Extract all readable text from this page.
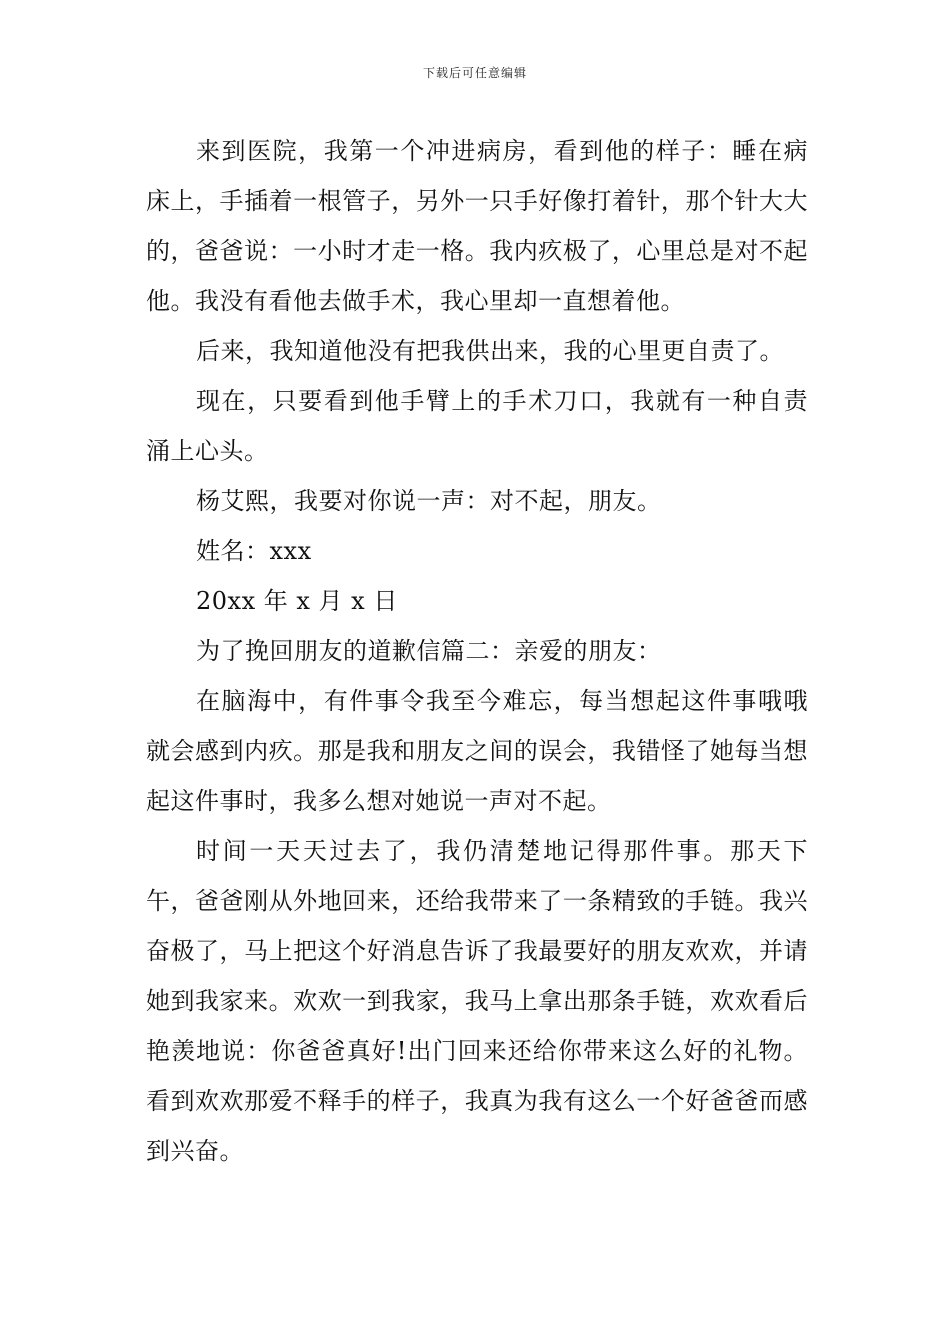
下载后可任意编辑

来到医院，我第一个冲进病房，看到他的样子：睡在病床上，手插着一根管子，另外一只手好像打着针，那个针大大的，爸爸说：一小时才走一格。我内疚极了，心里总是对不起他。我没有看他去做手术，我心里却一直想着他。

后来，我知道他没有把我供出来，我的心里更自责了。

现在，只要看到他手臂上的手术刀口，我就有一种自责涌上心头。

杨艾熙，我要对你说一声：对不起，朋友。

姓名：xxx

20xx 年 x 月 x 日

为了挽回朋友的道歉信篇二：亲爱的朋友：

在脑海中，有件事令我至今难忘，每当想起这件事哦哦就会感到内疚。那是我和朋友之间的误会，我错怪了她每当想起这件事时，我多么想对她说一声对不起。

时间一天天过去了，我仍清楚地记得那件事。那天下午，爸爸刚从外地回来，还给我带来了一条精致的手链。我兴奋极了，马上把这个好消息告诉了我最要好的朋友欢欢，并请她到我家来。欢欢一到我家，我马上拿出那条手链，欢欢看后艳羡地说：你爸爸真好!出门回来还给你带来这么好的礼物。看到欢欢那爱不释手的样子，我真为我有这么一个好爸爸而感到兴奋。
